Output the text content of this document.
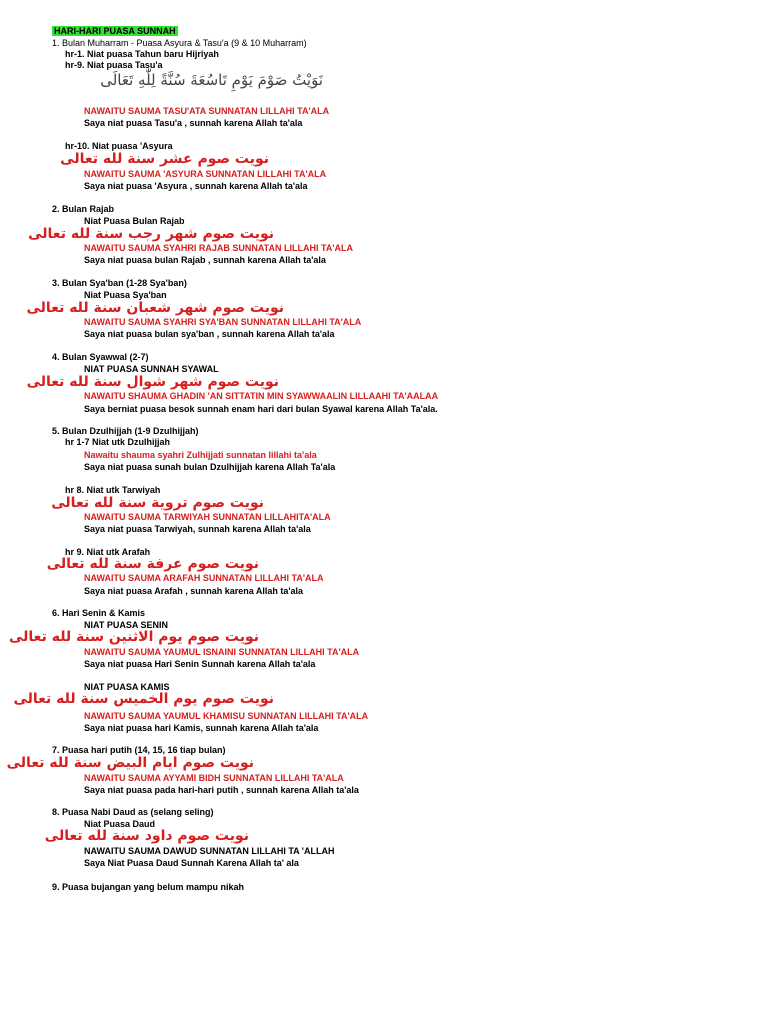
HARI-HARI PUASA SUNNAH
1. Bulan Muharram - Puasa Asyura & Tasu'a (9 & 10 Muharram)
hr-1. Niat puasa Tahun baru Hijriyah
hr-9. Niat puasa Tasu'a
نَوَيْتُ صَوْمَ يَوْمِ تَاسُعَةَ سُنَّةً لِلّٰهِ تَعَالَى
NAWAITU SAUMA TASU'ATA SUNNATAN LILLAHI TA'ALA
Saya niat puasa Tasu'a , sunnah karena Allah ta'ala
hr-10. Niat puasa 'Asyura
نويت صوم عشر سنة لله تعالى
NAWAITU SAUMA 'ASYURA SUNNATAN LILLAHI TA'ALA
Saya niat puasa 'Asyura , sunnah karena Allah ta'ala
2. Bulan Rajab
Niat Puasa Bulan Rajab
نويت صوم شهر رجب سنة لله تعالى
NAWAITU SAUMA SYAHRI RAJAB SUNNATAN LILLAHI TA'ALA
Saya niat puasa bulan Rajab , sunnah karena Allah ta'ala
3. Bulan Sya'ban (1-28 Sya'ban)
Niat Puasa Sya'ban
نويت صوم شهر شعبان سنة لله تعالى
NAWAITU SAUMA SYAHRI SYA'BAN SUNNATAN LILLAHI TA'ALA
Saya niat puasa bulan sya'ban , sunnah karena Allah ta'ala
4. Bulan Syawwal (2-7)
NIAT PUASA SUNNAH SYAWAL
نويت صوم شهر شوال سنة لله تعالى
NAWAITU SHAUMA GHADIN 'AN SITTATIN MIN SYAWWAALIN LILLAAHI TA'AALAA
Saya berniat puasa besok sunnah enam hari dari bulan Syawal karena Allah Ta'ala.
5. Bulan Dzulhijjah (1-9 Dzulhijjah)
hr 1-7 Niat utk Dzulhijjah
Nawaitu shauma syahri Zulhijjati sunnatan lillahi ta'ala
Saya niat puasa sunah bulan Dzulhijjah karena Allah Ta'ala
hr 8. Niat utk Tarwiyah
نويت صوم تروية سنة لله تعالى
NAWAITU SAUMA TARWIYAH SUNNATAN LILLAHITA'ALA
Saya niat puasa Tarwiyah, sunnah karena Allah ta'ala
hr 9. Niat utk Arafah
نويت صوم عرفة سنة لله تعالى
NAWAITU SAUMA ARAFAH SUNNATAN LILLAHI TA'ALA
Saya niat puasa Arafah , sunnah karena Allah ta'ala
6. Hari Senin & Kamis
NIAT PUASA SENIN
نويت صوم يوم الاثنين سنة لله تعالى
NAWAITU SAUMA YAUMUL ISNAINI SUNNATAN LILLAHI TA'ALA
Saya niat puasa Hari Senin Sunnah karena Allah ta'ala
NIAT PUASA KAMIS
نويت صوم يوم الخميس سنة لله تعالى
NAWAITU SAUMA YAUMUL KHAMISU SUNNATAN LILLAHI TA'ALA
Saya niat puasa hari Kamis, sunnah karena Allah ta'ala
7. Puasa hari putih (14, 15, 16 tiap bulan)
نويت صوم ايام البيض سنة لله تعالى
NAWAITU SAUMA AYYAMI BIDH SUNNATAN LILLAHI TA'ALA
Saya niat puasa pada hari-hari putih , sunnah karena Allah ta'ala
8. Puasa Nabi Daud as (selang seling)
Niat Puasa Daud
نويت صوم داود سنة لله تعالى
NAWAITU SAUMA DAWUD SUNNATAN LILLAHI TA 'ALLAH
Saya Niat Puasa Daud Sunnah Karena Allah ta' ala
9. Puasa bujangan yang belum mampu nikah
